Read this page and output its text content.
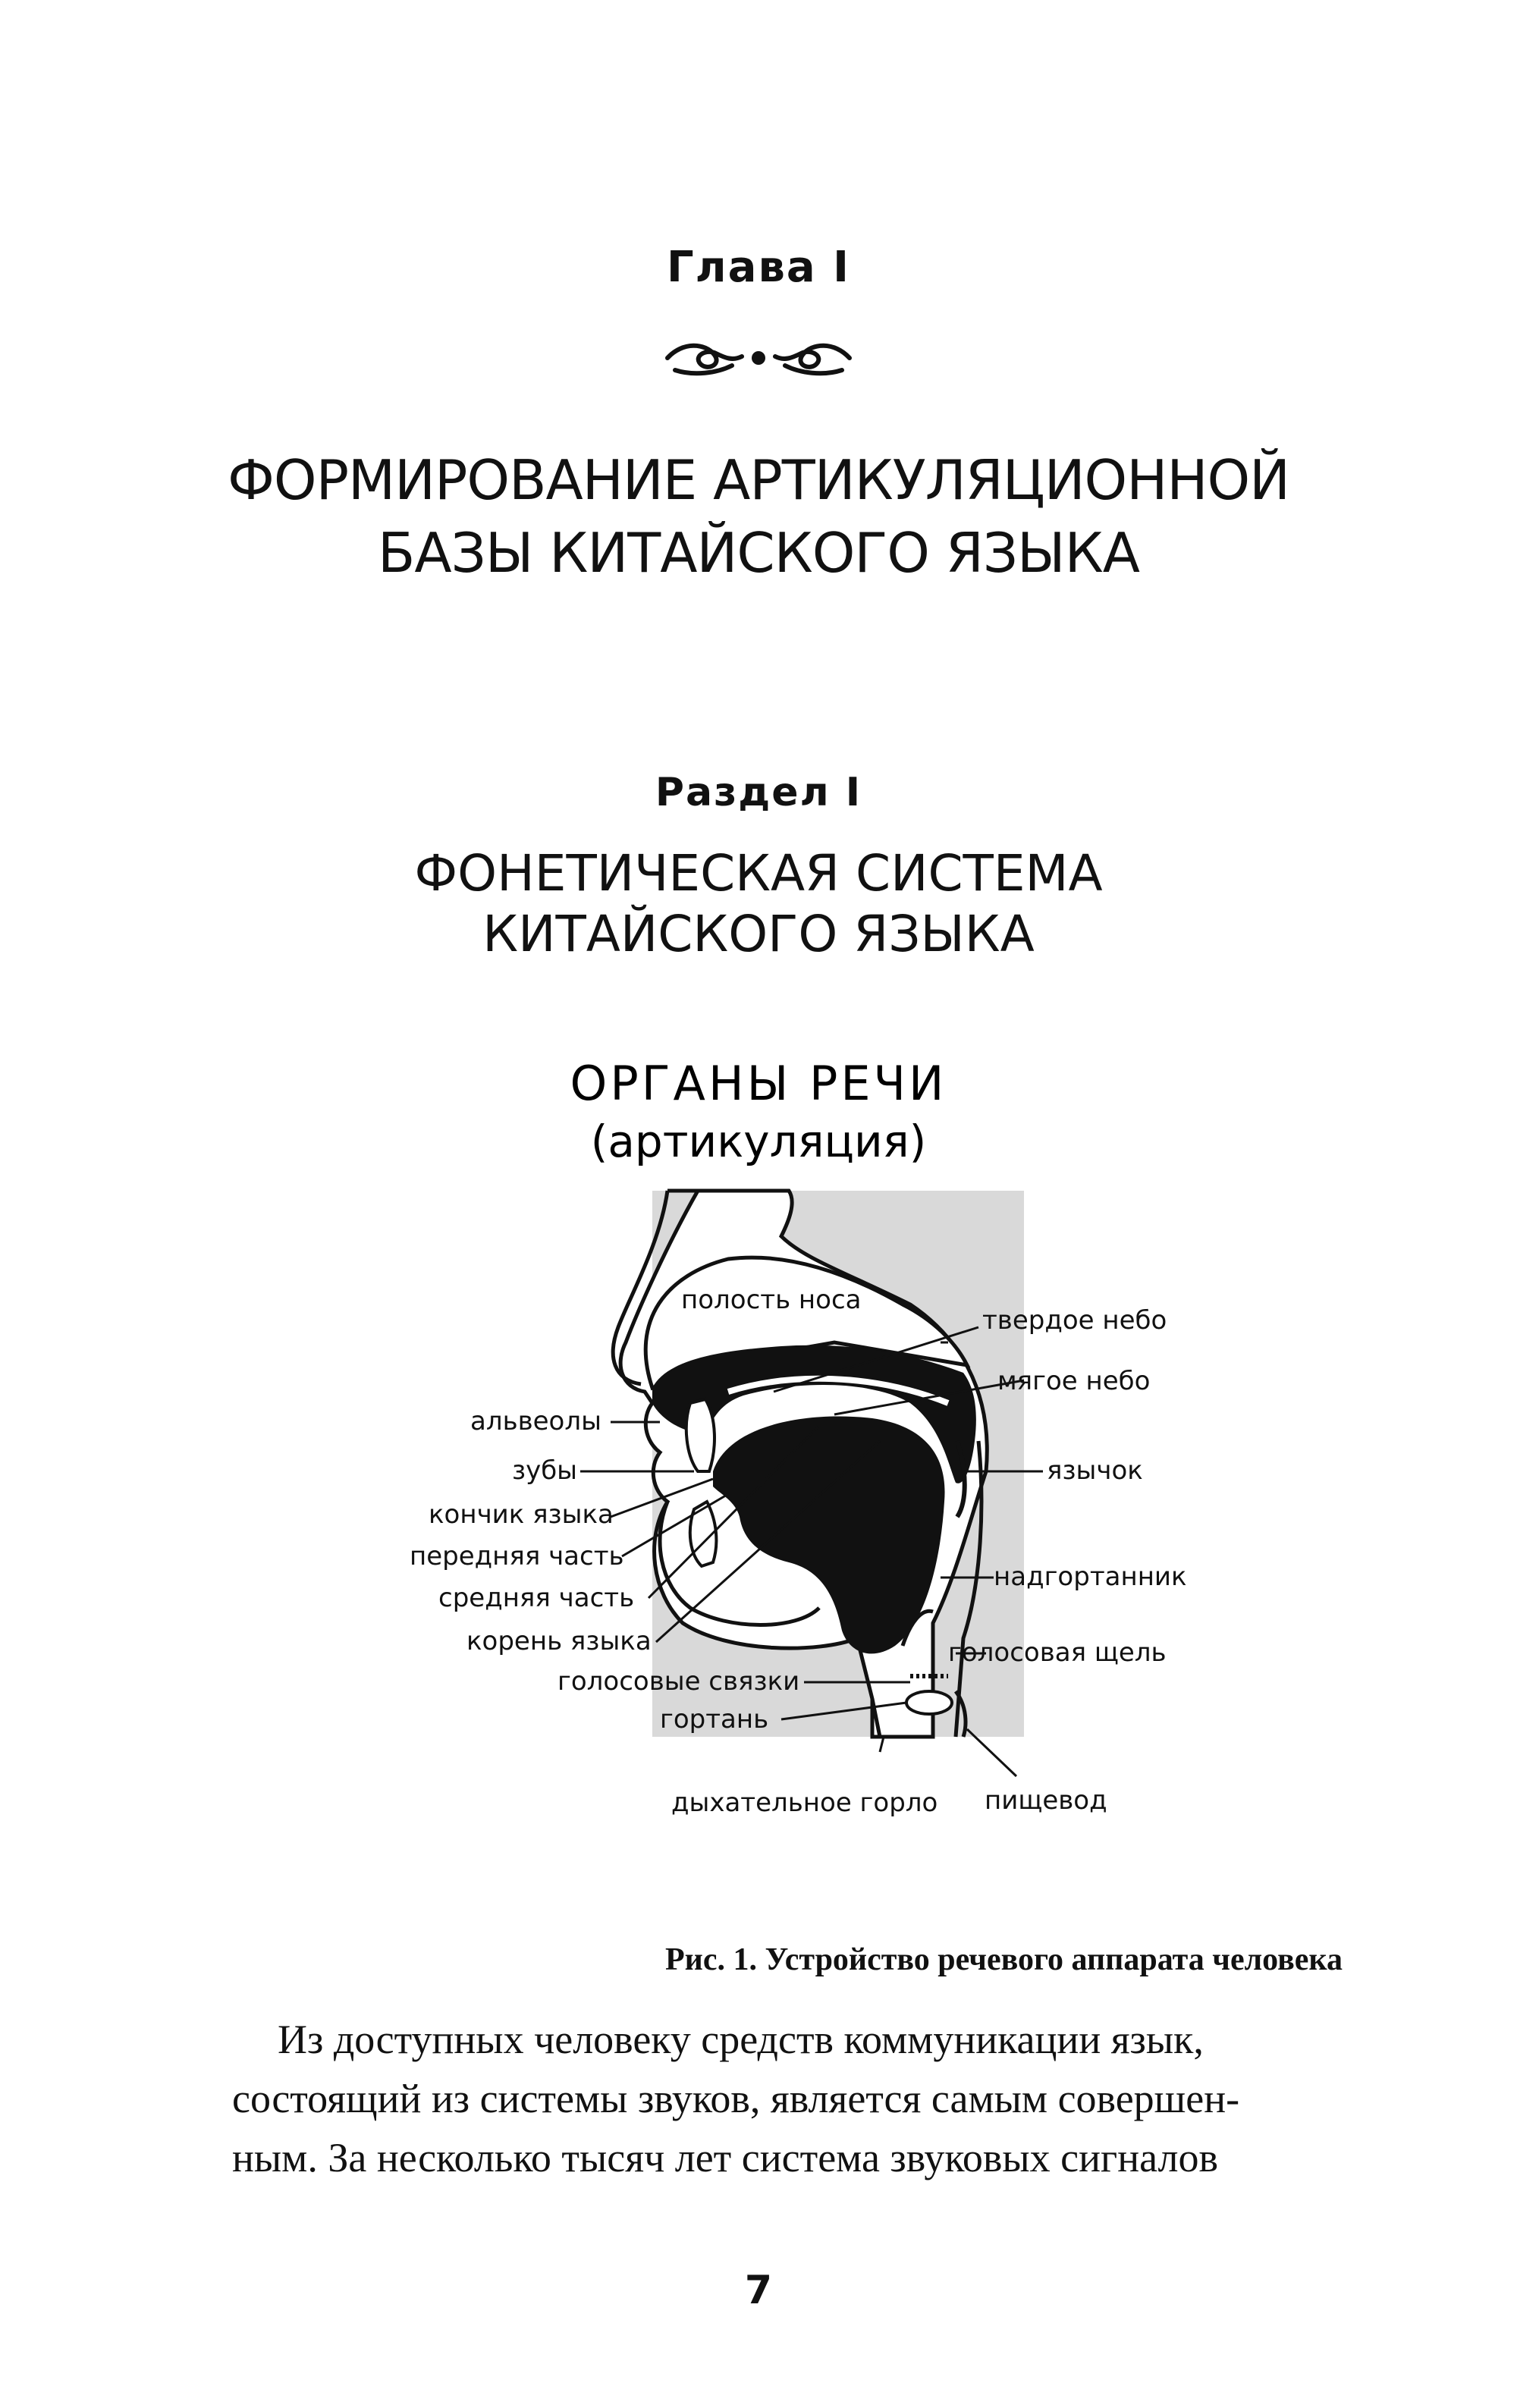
Глава I
ФОРМИРОВАНИЕ АРТИКУЛЯЦИОННОЙ
БАЗЫ КИТАЙСКОГО ЯЗЫКА
Раздел I
ФОНЕТИЧЕСКАЯ СИСТЕМА
КИТАЙСКОГО ЯЗЫКА
ОРГАНЫ РЕЧИ
(артикуляция)
полость носа
твердое небо
мягое небо
альвеолы
зубы	язычок
кончик языка
передняя часть
надгортанник
средняя часть
корень языка	голосовая щель
голосовые связки
гортань
дыхательное горло пищевод
Рис. 1. Устройство речевого аппарата человека
Из доступных человеку средств коммуникации язык,
состоящий из системы звуков, является самым совершен-
ным. За несколько тысяч лет система звуковых сигналов
7
